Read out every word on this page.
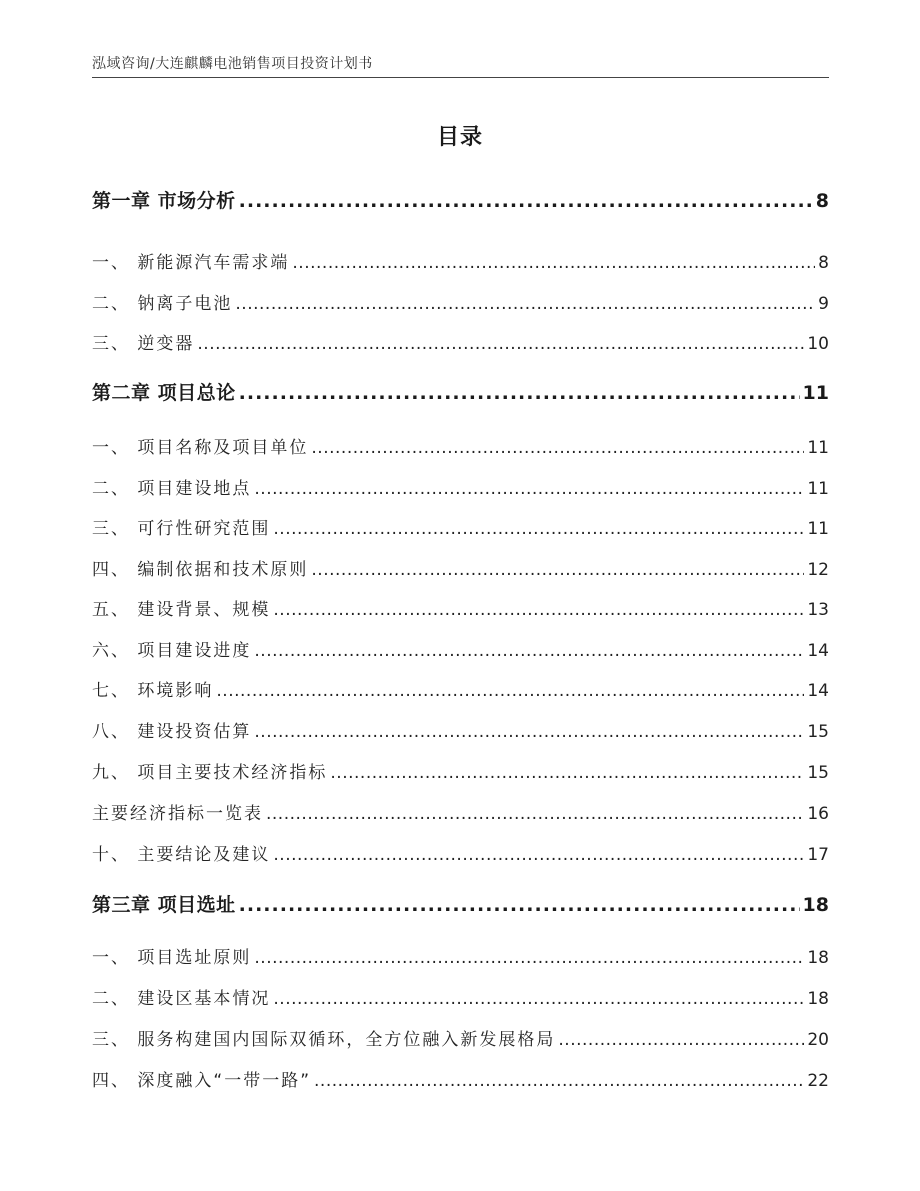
泓域咨询/大连麒麟电池销售项目投资计划书
目录
第一章 市场分析 .....	8
一、 新能源汽车需求端 .....	8
二、 钠离子电池 .....	9
三、 逆变器 .....	10
第二章 项目总论 .....	11
一、 项目名称及项目单位 .....	11
二、 项目建设地点 .....	11
三、 可行性研究范围 .....	11
四、 编制依据和技术原则 .....	12
五、 建设背景、规模 .....	13
六、 项目建设进度 .....	14
七、 环境影响 .....	14
八、 建设投资估算 .....	15
九、 项目主要技术经济指标 .....	15
主要经济指标一览表 .....	16
十、 主要结论及建议 .....	17
第三章 项目选址 .....	18
一、 项目选址原则 .....	18
二、 建设区基本情况 .....	18
三、 服务构建国内国际双循环，全方位融入新发展格局 .....	20
四、 深度融入“一带一路” .....	22
